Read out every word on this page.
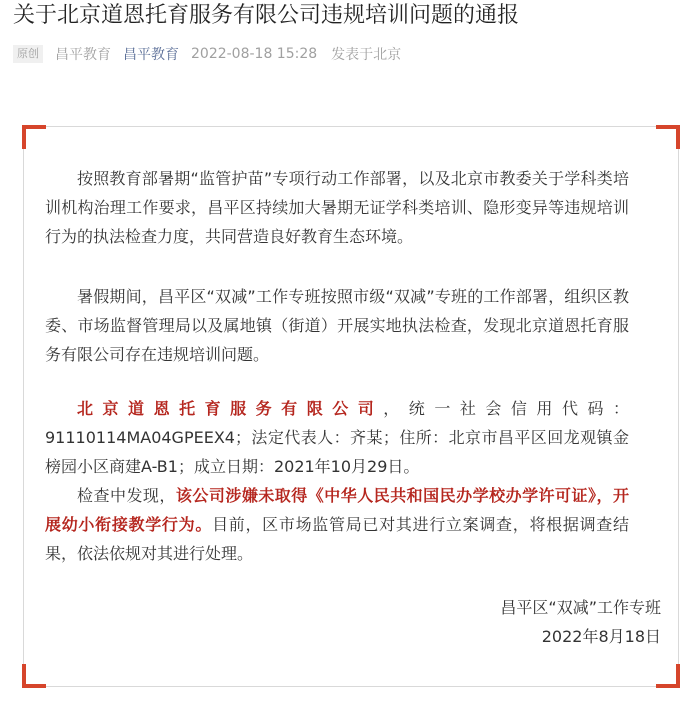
关于北京道恩托育服务有限公司违规培训问题的通报
原创 昌平教育 昌平教育 2022-08-18 15:28 发表于北京

按照教育部暑期“监管护苗”专项行动工作部署，以及北京市教委关于学科类培训机构治理工作要求，昌平区持续加大暑期无证学科类培训、隐形变异等违规培训行为的执法检查力度，共同营造良好教育生态环境。

暑假期间，昌平区“双减”工作专班按照市级“双减”专班的工作部署，组织区教委、市场监督管理局以及属地镇（街道）开展实地执法检查，发现北京道恩托育服务有限公司存在违规培训问题。

北京道恩托育服务有限公司，统一社会信用代码：91110114MA04GPEEX4；法定代表人：齐某；住所：北京市昌平区回龙观镇金榜园小区商建A-B1；成立日期：2021年10月29日。

检查中发现，该公司涉嫌未取得《中华人民共和国民办学校办学许可证》，开展幼小衔接教学行为。目前，区市场监管局已对其进行立案调查，将根据调查结果，依法依规对其进行处理。

昌平区“双减”工作专班
2022年8月18日
